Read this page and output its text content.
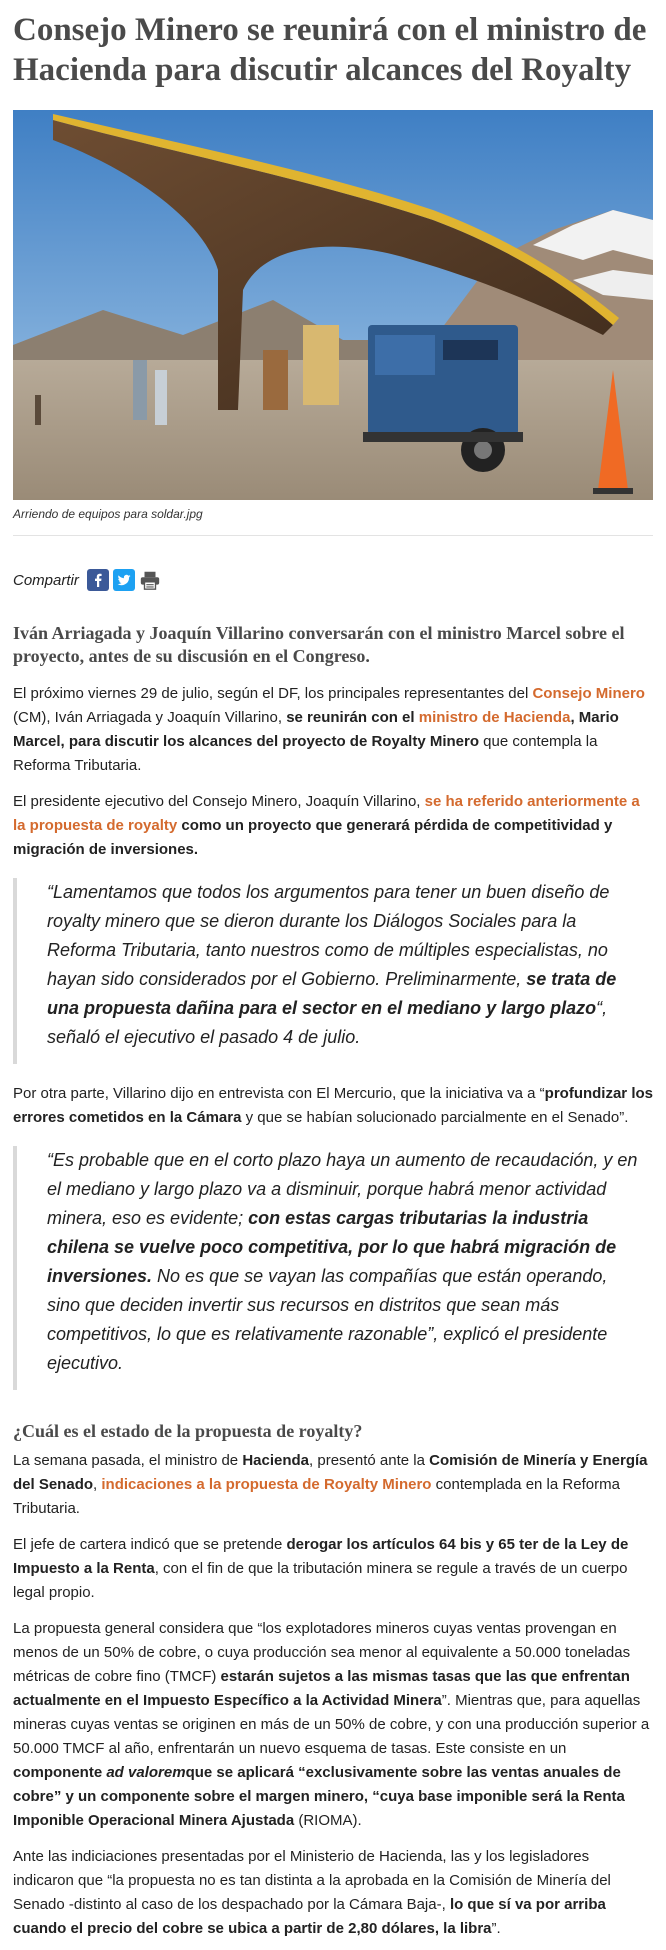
Consejo Minero se reunirá con el ministro de Hacienda para discutir alcances del Royalty
Arriendo de equipos para soldar.jpg
Compartir
Iván Arriagada y Joaquín Villarino conversarán con el ministro Marcel sobre el proyecto, antes de su discusión en el Congreso.

El próximo viernes 29 de julio, según el DF, los principales representantes del Consejo Minero (CM), Iván Arriagada y Joaquín Villarino, se reunirán con el ministro de Hacienda, Mario Marcel, para discutir los alcances del proyecto de Royalty Minero que contempla la Reforma Tributaria.

El presidente ejecutivo del Consejo Minero, Joaquín Villarino, se ha referido anteriormente a la propuesta de royalty como un proyecto que generará pérdida de competitividad y migración de inversiones.

“Lamentamos que todos los argumentos para tener un buen diseño de royalty minero que se dieron durante los Diálogos Sociales para la Reforma Tributaria, tanto nuestros como de múltiples especialistas, no hayan sido considerados por el Gobierno. Preliminarmente, se trata de una propuesta dañina para el sector en el mediano y largo plazo“, señaló el ejecutivo el pasado 4 de julio.

Por otra parte, Villarino dijo en entrevista con El Mercurio, que la iniciativa va a “profundizar los errores cometidos en la Cámara y que se habían solucionado parcialmente en el Senado”.

“Es probable que en el corto plazo haya un aumento de recaudación, y en el mediano y largo plazo va a disminuir, porque habrá menor actividad minera, eso es evidente; con estas cargas tributarias la industria chilena se vuelve poco competitiva, por lo que habrá migración de inversiones. No es que se vayan las compañías que están operando, sino que deciden invertir sus recursos en distritos que sean más competitivos, lo que es relativamente razonable”, explicó el presidente ejecutivo.
¿Cuál es el estado de la propuesta de royalty?

La semana pasada, el ministro de Hacienda, presentó ante la Comisión de Minería y Energía del Senado, indicaciones a la propuesta de Royalty Minero contemplada en la Reforma Tributaria.

El jefe de cartera indicó que se pretende derogar los artículos 64 bis y 65 ter de la Ley de Impuesto a la Renta, con el fin de que la tributación minera se regule a través de un cuerpo legal propio.

La propuesta general considera que “los explotadores mineros cuyas ventas provengan en menos de un 50% de cobre, o cuya producción sea menor al equivalente a 50.000 toneladas métricas de cobre fino (TMCF) estarán sujetos a las mismas tasas que las que enfrentan actualmente en el Impuesto Específico a la Actividad Minera”. Mientras que, para aquellas mineras cuyas ventas se originen en más de un 50% de cobre, y con una producción superior a 50.000 TMCF al año, enfrentarán un nuevo esquema de tasas. Este consiste en un componente ad valoremque se aplicará “exclusivamente sobre las ventas anuales de cobre” y un componente sobre el margen minero, “cuya base imponible será la Renta Imponible Operacional Minera Ajustada (RIOMA).

Ante las indiciaciones presentadas por el Ministerio de Hacienda, las y los legisladores indicaron que “la propuesta no es tan distinta a la aprobada en la Comisión de Minería del Senado -distinto al caso de los despachado por la Cámara Baja-, lo que sí va por arriba cuando el precio del cobre se ubica a partir de 2,80 dólares, la libra”.
